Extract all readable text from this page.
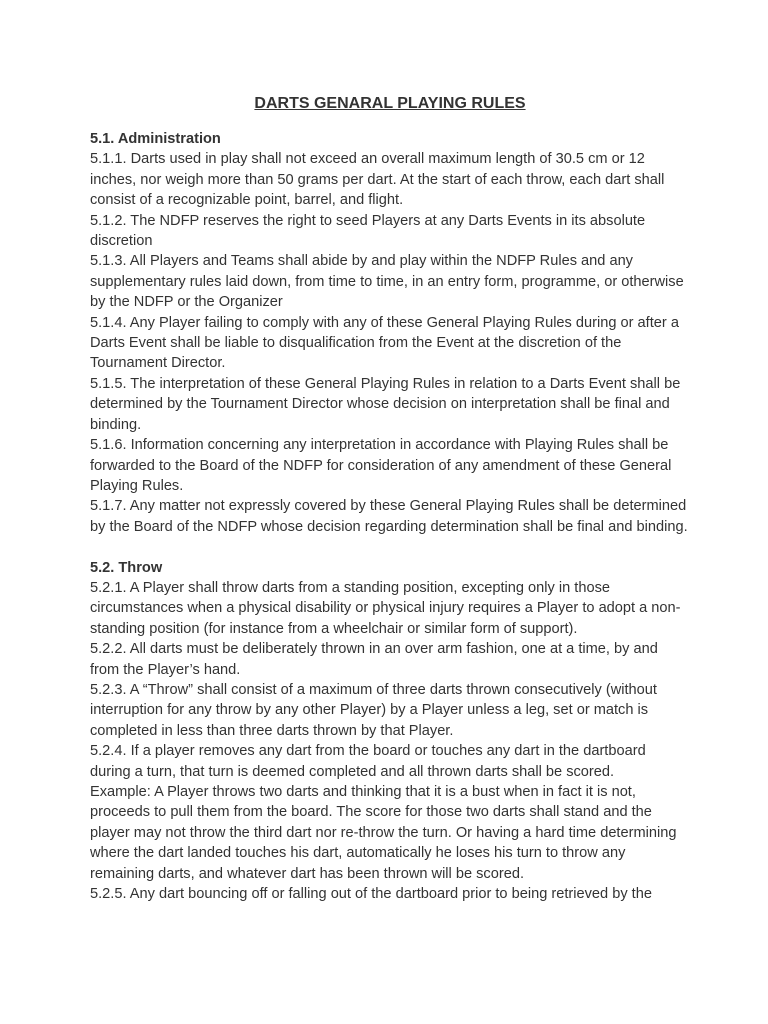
DARTS GENARAL PLAYING RULES

5.1. Administration

5.1.1. Darts used in play shall not exceed an overall maximum length of 30.5 cm or 12 inches, nor weigh more than 50 grams per dart. At the start of each throw, each dart shall consist of a recognizable point, barrel, and flight.

5.1.2. The NDFP reserves the right to seed Players at any Darts Events in its absolute discretion

5.1.3. All Players and Teams shall abide by and play within the NDFP Rules and any supplementary rules laid down, from time to time, in an entry form, programme, or otherwise by the NDFP or the Organizer

5.1.4. Any Player failing to comply with any of these General Playing Rules during or after a Darts Event shall be liable to disqualification from the Event at the discretion of the Tournament Director.

5.1.5. The interpretation of these General Playing Rules in relation to a Darts Event shall be determined by the Tournament Director whose decision on interpretation shall be final and binding.

5.1.6. Information concerning any interpretation in accordance with Playing Rules shall be forwarded to the Board of the NDFP for consideration of any amendment of these General Playing Rules.

5.1.7. Any matter not expressly covered by these General Playing Rules shall be determined by the Board of the NDFP whose decision regarding determination shall be final and binding.

5.2. Throw

5.2.1. A Player shall throw darts from a standing position, excepting only in those circumstances when a physical disability or physical injury requires a Player to adopt a non-standing position (for instance from a wheelchair or similar form of support).

5.2.2. All darts must be deliberately thrown in an over arm fashion, one at a time, by and from the Player’s hand.

5.2.3. A “Throw” shall consist of a maximum of three darts thrown consecutively (without interruption for any throw by any other Player) by a Player unless a leg, set or match is completed in less than three darts thrown by that Player.

5.2.4. If a player removes any dart from the board or touches any dart in the dartboard during a turn, that turn is deemed completed and all thrown darts shall be scored.

Example: A Player throws two darts and thinking that it is a bust when in fact it is not, proceeds to pull them from the board. The score for those two darts shall stand and the player may not throw the third dart nor re-throw the turn. Or having a hard time determining where the dart landed touches his dart, automatically he loses his turn to throw any remaining darts, and whatever dart has been thrown will be scored.

5.2.5. Any dart bouncing off or falling out of the dartboard prior to being retrieved by the
